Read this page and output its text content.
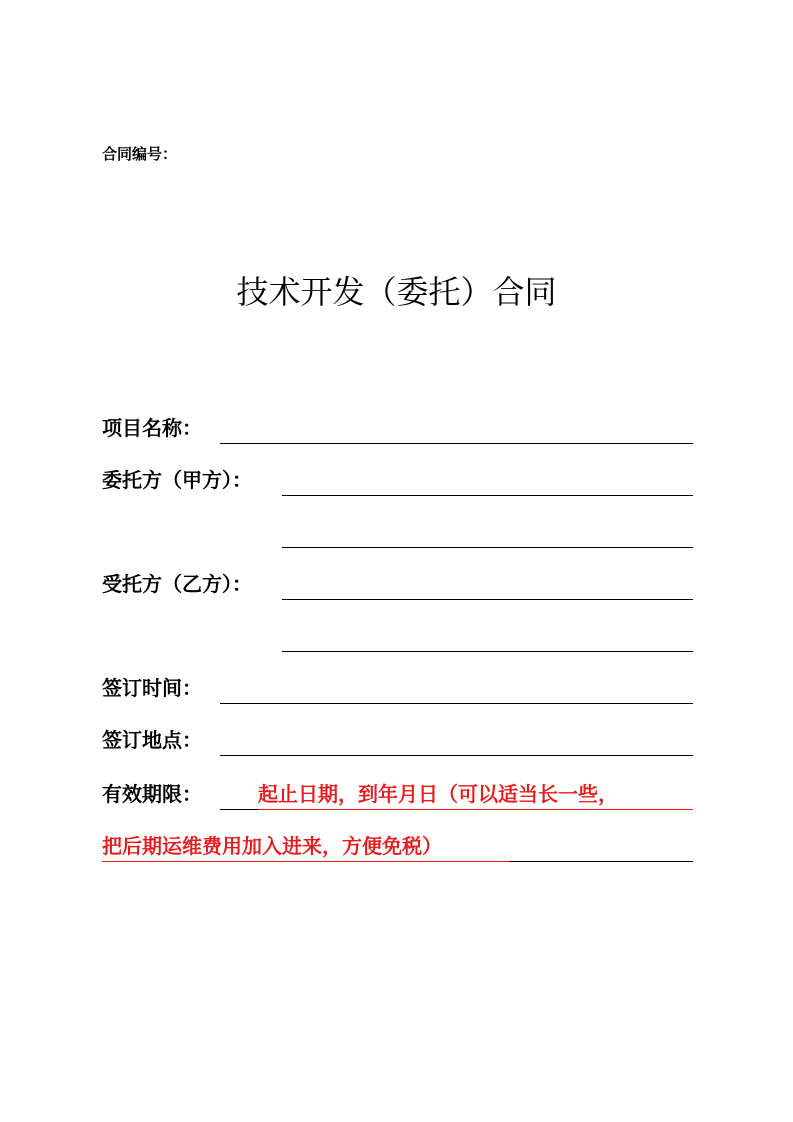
合同编号：
技术开发（委托）合同
项目名称：
委托方（甲方）：
受托方（乙方）：
签订时间：
签订地点：
有效期限：	起止日期，到年月日（可以适当长一些，
把后期运维费用加入进来，方便免税）
